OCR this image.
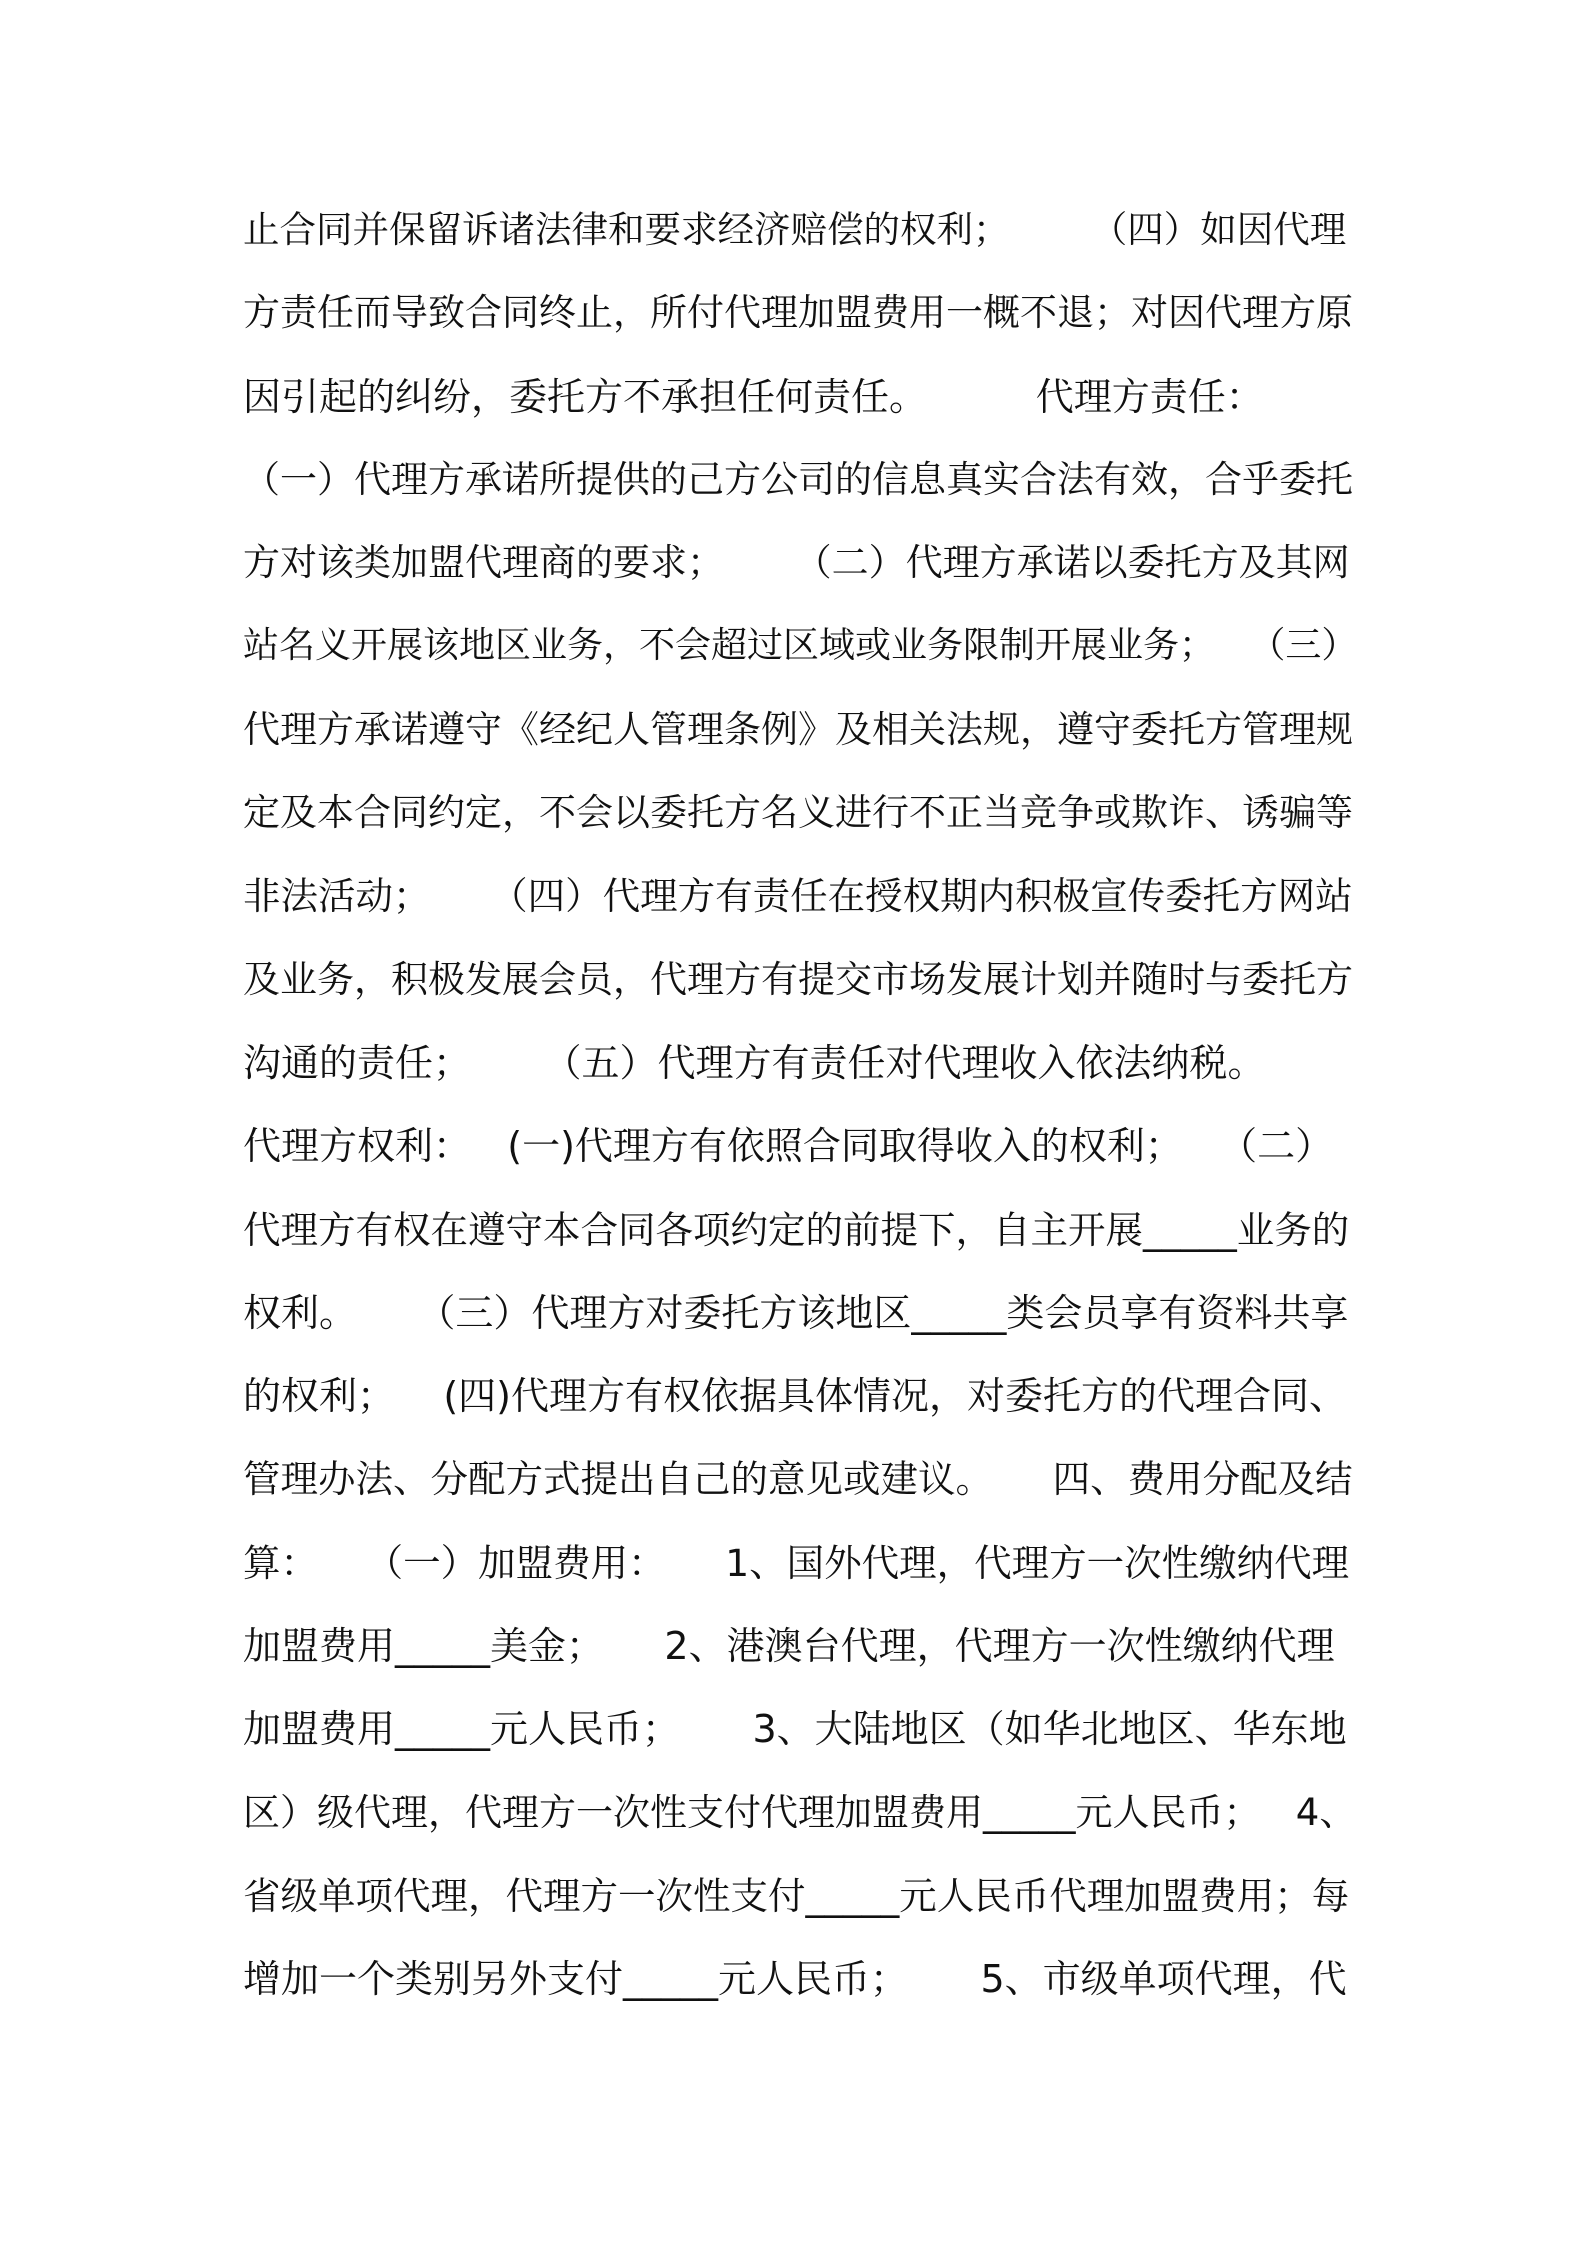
止合同并保留诉诸法律和要求经济赔偿的权利；       （四）如因代理
方责任而导致合同终止，所付代理加盟费用一概不退；对因代理方原
因引起的纠纷，委托方不承担任何责任。         代理方责任：
（一）代理方承诺所提供的己方公司的信息真实合法有效，合乎委托
方对该类加盟代理商的要求；      （二）代理方承诺以委托方及其网
站名义开展该地区业务，不会超过区域或业务限制开展业务；   （三）
代理方承诺遵守《经纪人管理条例》及相关法规，遵守委托方管理规
定及本合同约定，不会以委托方名义进行不正当竞争或欺诈、诱骗等
非法活动；     （四）代理方有责任在授权期内积极宣传委托方网站
及业务，积极发展会员，代理方有提交市场发展计划并随时与委托方
沟通的责任；      （五）代理方有责任对代理收入依法纳税。
代理方权利：   (一)代理方有依照合同取得收入的权利；   （二）
代理方有权在遵守本合同各项约定的前提下，自主开展_____业务的
权利。     （三）代理方对委托方该地区_____类会员享有资料共享
的权利；    (四)代理方有权依据具体情况，对委托方的代理合同、
管理办法、分配方式提出自己的意见或建议。     四、费用分配及结
算：    （一）加盟费用：     1、国外代理，代理方一次性缴纳代理
加盟费用_____美金；     2、港澳台代理，代理方一次性缴纳代理
加盟费用_____元人民币；      3、大陆地区（如华北地区、华东地
区）级代理，代理方一次性支付代理加盟费用_____元人民币；   4、
省级单项代理，代理方一次性支付_____元人民币代理加盟费用；每
增加一个类别另外支付_____元人民币；      5、市级单项代理，代
